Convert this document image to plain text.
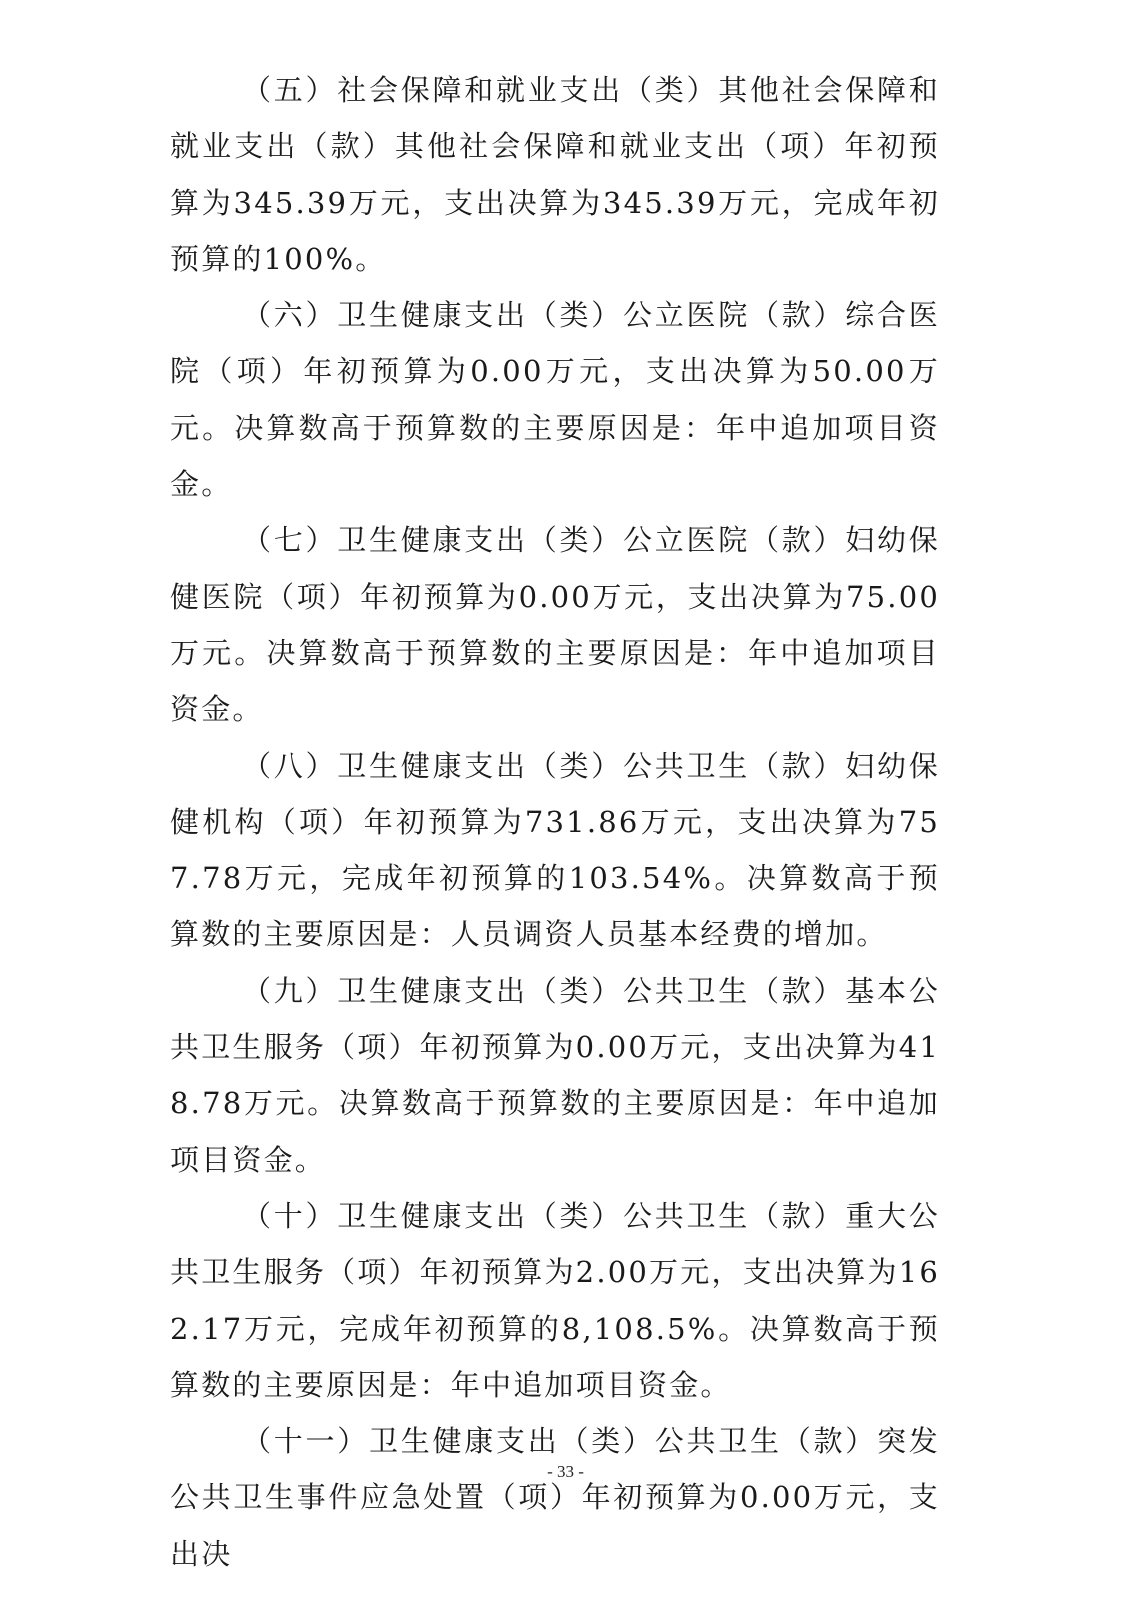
（五）社会保障和就业支出（类）其他社会保障和就业支出（款）其他社会保障和就业支出（项）年初预算为345.39万元，支出决算为345.39万元，完成年初预算的100%。

（六）卫生健康支出（类）公立医院（款）综合医院（项）年初预算为0.00万元，支出决算为50.00万元。决算数高于预算数的主要原因是：年中追加项目资金。

（七）卫生健康支出（类）公立医院（款）妇幼保健医院（项）年初预算为0.00万元，支出决算为75.00万元。决算数高于预算数的主要原因是：年中追加项目资金。

（八）卫生健康支出（类）公共卫生（款）妇幼保健机构（项）年初预算为731.86万元，支出决算为757.78万元，完成年初预算的103.54%。决算数高于预算数的主要原因是：人员调资人员基本经费的增加。

（九）卫生健康支出（类）公共卫生（款）基本公共卫生服务（项）年初预算为0.00万元，支出决算为418.78万元。决算数高于预算数的主要原因是：年中追加项目资金。

（十）卫生健康支出（类）公共卫生（款）重大公共卫生服务（项）年初预算为2.00万元，支出决算为162.17万元，完成年初预算的8,108.5%。决算数高于预算数的主要原因是：年中追加项目资金。

（十一）卫生健康支出（类）公共卫生（款）突发公共卫生事件应急处置（项）年初预算为0.00万元，支出决

- 33 -
